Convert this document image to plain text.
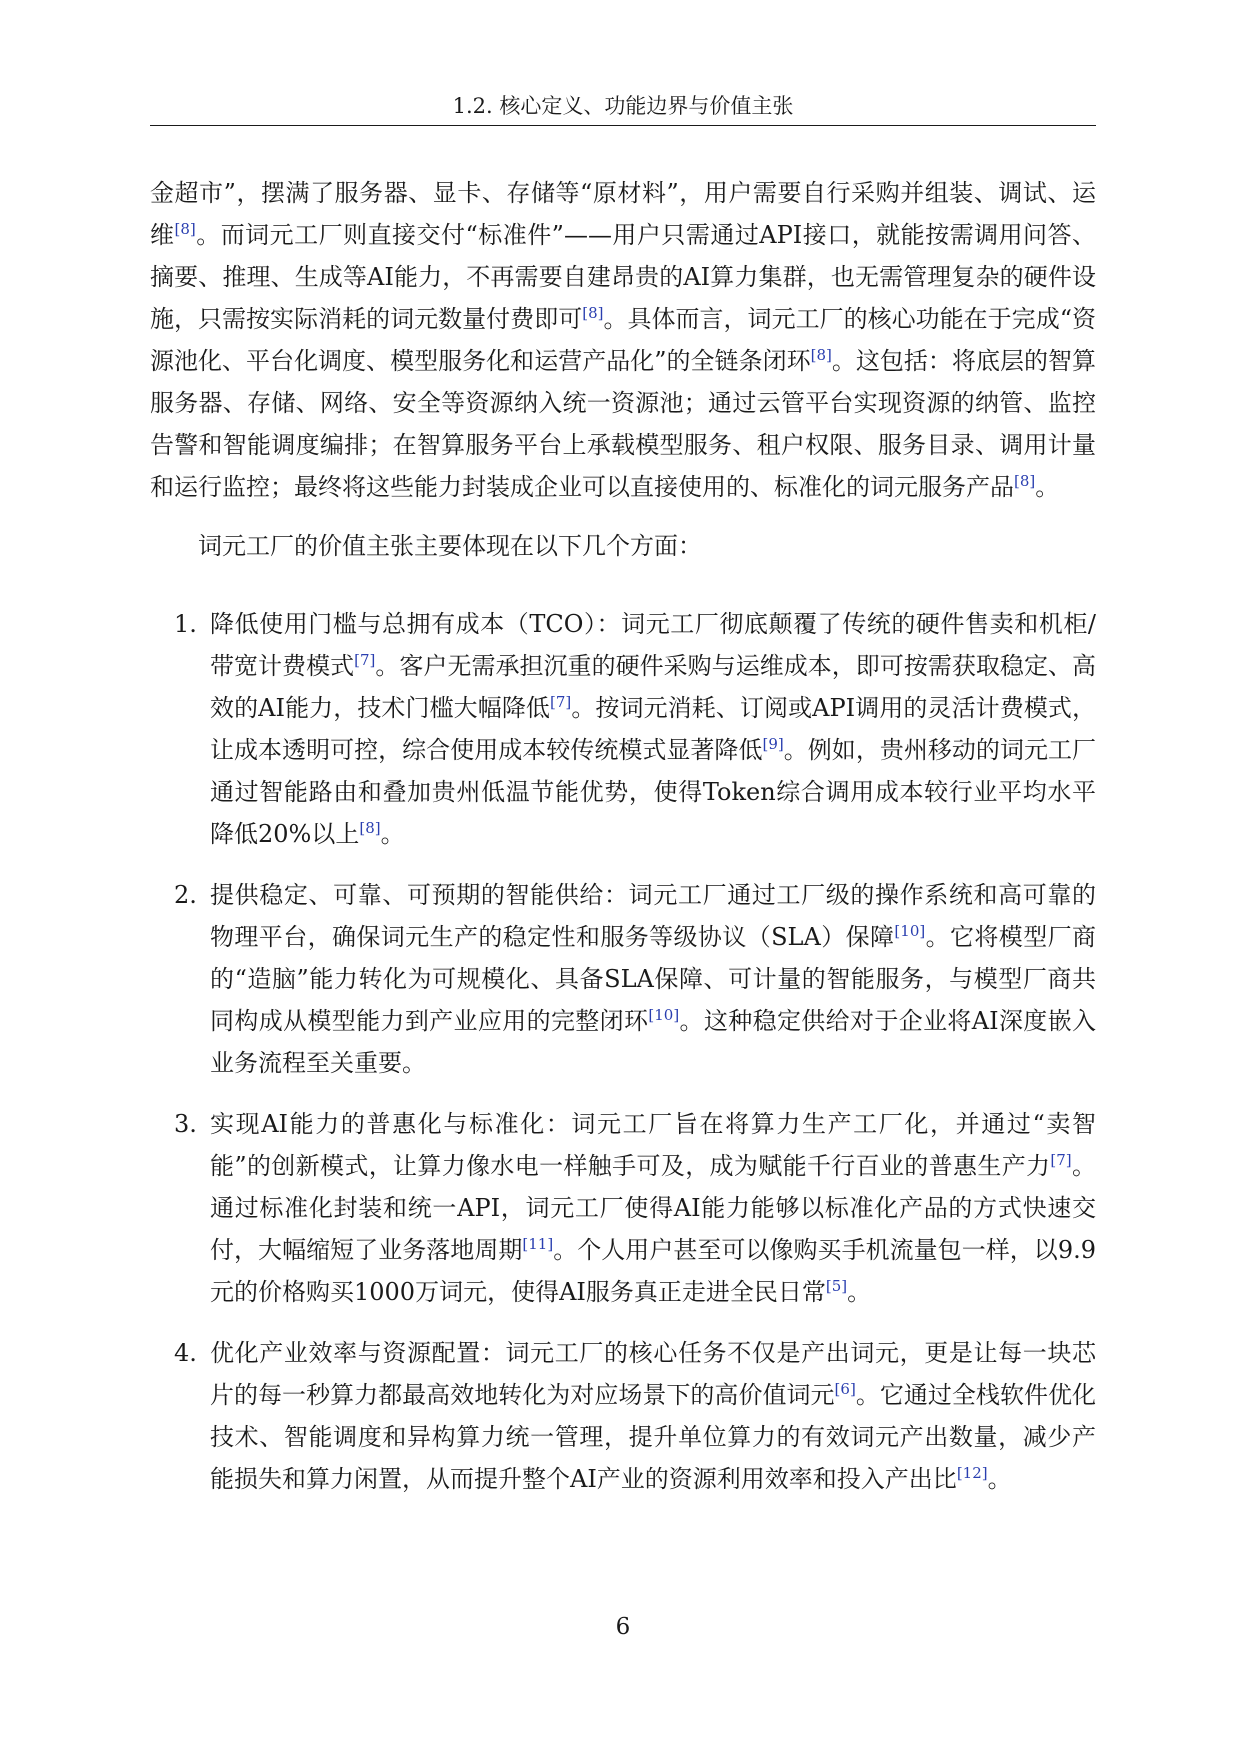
1.2. 核心定义、功能边界与价值主张

金超市”，摆满了服务器、显卡、存储等“原材料”，用户需要自行采购并组装、调试、运维[8]。而词元工厂则直接交付“标准件”——用户只需通过API接口，就能按需调用问答、摘要、推理、生成等AI能力，不再需要自建昂贵的AI算力集群，也无需管理复杂的硬件设施，只需按实际消耗的词元数量付费即可[8]。具体而言，词元工厂的核心功能在于完成“资源池化、平台化调度、模型服务化和运营产品化”的全链条闭环[8]。这包括：将底层的智算服务器、存储、网络、安全等资源纳入统一资源池；通过云管平台实现资源的纳管、监控告警和智能调度编排；在智算服务平台上承载模型服务、租户权限、服务目录、调用计量和运行监控；最终将这些能力封装成企业可以直接使用的、标准化的词元服务产品[8]。

词元工厂的价值主张主要体现在以下几个方面：

1. 降低使用门槛与总拥有成本（TCO）：词元工厂彻底颠覆了传统的硬件售卖和机柜/带宽计费模式[7]。客户无需承担沉重的硬件采购与运维成本，即可按需获取稳定、高效的AI能力，技术门槛大幅降低[7]。按词元消耗、订阅或API调用的灵活计费模式，让成本透明可控，综合使用成本较传统模式显著降低[9]。例如，贵州移动的词元工厂通过智能路由和叠加贵州低温节能优势，使得Token综合调用成本较行业平均水平降低20%以上[8]。
2. 提供稳定、可靠、可预期的智能供给：词元工厂通过工厂级的操作系统和高可靠的物理平台，确保词元生产的稳定性和服务等级协议（SLA）保障[10]。它将模型厂商的“造脑”能力转化为可规模化、具备SLA保障、可计量的智能服务，与模型厂商共同构成从模型能力到产业应用的完整闭环[10]。这种稳定供给对于企业将AI深度嵌入业务流程至关重要。
3. 实现AI能力的普惠化与标准化：词元工厂旨在将算力生产工厂化，并通过“卖智能”的创新模式，让算力像水电一样触手可及，成为赋能千行百业的普惠生产力[7]。通过标准化封装和统一API，词元工厂使得AI能力能够以标准化产品的方式快速交付，大幅缩短了业务落地周期[11]。个人用户甚至可以像购买手机流量包一样，以9.9元的价格购买1000万词元，使得AI服务真正走进全民日常[5]。
4. 优化产业效率与资源配置：词元工厂的核心任务不仅是产出词元，更是让每一块芯片的每一秒算力都最高效地转化为对应场景下的高价值词元[6]。它通过全栈软件优化技术、智能调度和异构算力统一管理，提升单位算力的有效词元产出数量，减少产能损失和算力闲置，从而提升整个AI产业的资源利用效率和投入产出比[12]。
6
